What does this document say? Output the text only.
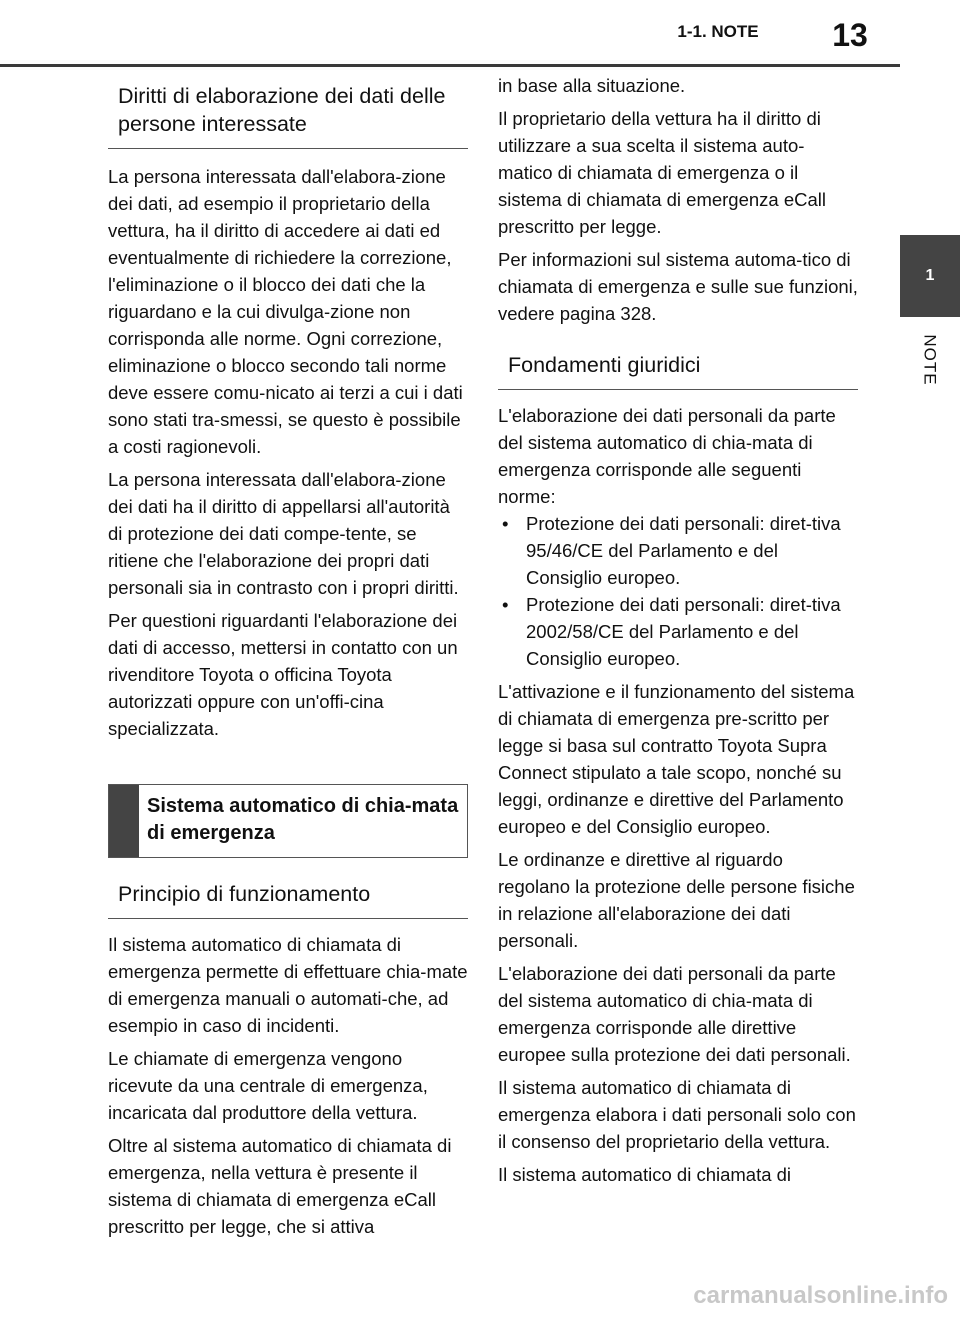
1-1. NOTE	13
1
NOTE
Diritti di elaborazione dei dati delle persone interessate

La persona interessata dall'elabora-zione dei dati, ad esempio il proprietario della vettura, ha il diritto di accedere ai dati ed eventualmente di richiedere la correzione, l'eliminazione o il blocco dei dati che la riguardano e la cui divulga-zione non corrisponda alle norme. Ogni correzione, eliminazione o blocco secondo tali norme deve essere comu-nicato ai terzi a cui i dati sono stati tra-smessi, se questo è possibile a costi ragionevoli.

La persona interessata dall'elabora-zione dei dati ha il diritto di appellarsi all'autorità di protezione dei dati compe-tente, se ritiene che l'elaborazione dei propri dati personali sia in contrasto con i propri diritti.

Per questioni riguardanti l'elaborazione dei dati di accesso, mettersi in contatto con un rivenditore Toyota o officina Toyota autorizzati oppure con un'offi-cina specializzata.

Sistema automatico di chia-mata di emergenza
Principio di funzionamento

Il sistema automatico di chiamata di emergenza permette di effettuare chia-mate di emergenza manuali o automati-che, ad esempio in caso di incidenti.

Le chiamate di emergenza vengono ricevute da una centrale di emergenza, incaricata dal produttore della vettura.

Oltre al sistema automatico di chiamata di emergenza, nella vettura è presente il sistema di chiamata di emergenza eCall prescritto per legge, che si attiva

in base alla situazione.

Il proprietario della vettura ha il diritto di utilizzare a sua scelta il sistema auto-matico di chiamata di emergenza o il sistema di chiamata di emergenza eCall prescritto per legge.

Per informazioni sul sistema automa-tico di chiamata di emergenza e sulle sue funzioni, vedere pagina 328.

Fondamenti giuridici

L'elaborazione dei dati personali da parte del sistema automatico di chia-mata di emergenza corrisponde alle seguenti norme:

• Protezione dei dati personali: diret-tiva 95/46/CE del Parlamento e del Consiglio europeo.
• Protezione dei dati personali: diret-tiva 2002/58/CE del Parlamento e del Consiglio europeo.

L'attivazione e il funzionamento del sistema di chiamata di emergenza pre-scritto per legge si basa sul contratto Toyota Supra Connect stipulato a tale scopo, nonché su leggi, ordinanze e direttive del Parlamento europeo e del Consiglio europeo.

Le ordinanze e direttive al riguardo regolano la protezione delle persone fisiche in relazione all'elaborazione dei dati personali.

L'elaborazione dei dati personali da parte del sistema automatico di chia-mata di emergenza corrisponde alle direttive europee sulla protezione dei dati personali.

Il sistema automatico di chiamata di emergenza elabora i dati personali solo con il consenso del proprietario della vettura.

Il sistema automatico di chiamata di

carmanualsonline.info
